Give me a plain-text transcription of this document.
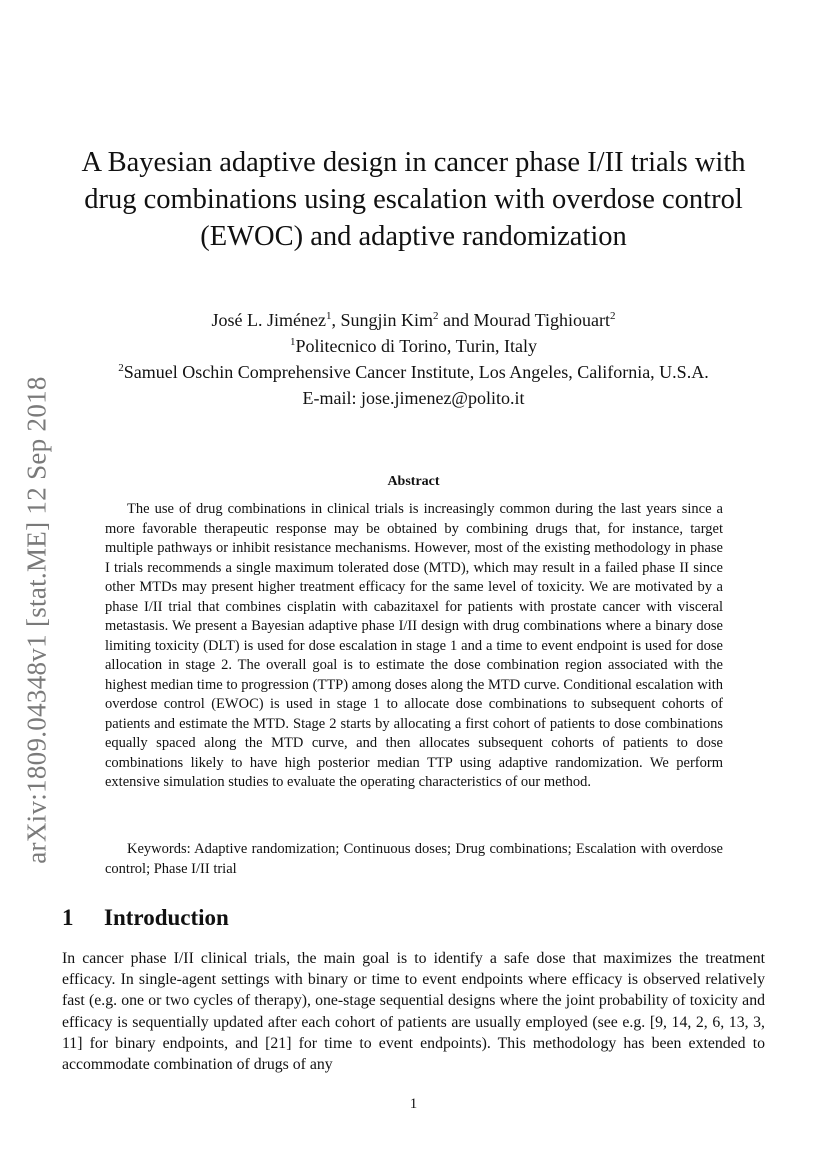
arXiv:1809.04348v1 [stat.ME] 12 Sep 2018
A Bayesian adaptive design in cancer phase I/II trials with
drug combinations using escalation with overdose control
(EWOC) and adaptive randomization
José L. Jiménez$^1$, Sungjin Kim$^2$ and Mourad Tighiouart$^2$
$^1$Politecnico di Torino, Turin, Italy
$^2$Samuel Oschin Comprehensive Cancer Institute, Los Angeles, California, U.S.A.
E-mail: jose.jimenez@polito.it
Abstract

The use of drug combinations in clinical trials is increasingly common during the last years since a more favorable therapeutic response may be obtained by combining drugs that, for instance, target multiple pathways or inhibit resistance mechanisms. However, most of the existing methodology in phase I trials recommends a single maximum tolerated dose (MTD), which may result in a failed phase II since other MTDs may present higher treatment efficacy for the same level of toxicity. We are motivated by a phase I/II trial that combines cisplatin with cabazitaxel for patients with prostate cancer with visceral metastasis. We present a Bayesian adaptive phase I/II design with drug combinations where a binary dose limiting toxicity (DLT) is used for dose escalation in stage 1 and a time to event endpoint is used for dose allocation in stage 2. The overall goal is to estimate the dose combination region associated with the highest median time to progression (TTP) among doses along the MTD curve. Conditional escalation with overdose control (EWOC) is used in stage 1 to allocate dose combinations to subsequent cohorts of patients and estimate the MTD. Stage 2 starts by allocating a first cohort of patients to dose combinations equally spaced along the MTD curve, and then allocates subsequent cohorts of patients to dose combinations likely to have high posterior median TTP using adaptive randomization. We perform extensive simulation studies to evaluate the operating characteristics of our method.

Keywords: Adaptive randomization; Continuous doses; Drug combinations; Escalation with overdose control; Phase I/II trial

1 Introduction

In cancer phase I/II clinical trials, the main goal is to identify a safe dose that maximizes the treatment efficacy. In single-agent settings with binary or time to event endpoints where efficacy is observed relatively fast (e.g. one or two cycles of therapy), one-stage sequential designs where the joint probability of toxicity and efficacy is sequentially updated after each cohort of patients are usually employed (see e.g. [9, 14, 2, 6, 13, 3, 11] for binary endpoints, and [21] for time to event endpoints). This methodology has been extended to accommodate combination of drugs of any

1
